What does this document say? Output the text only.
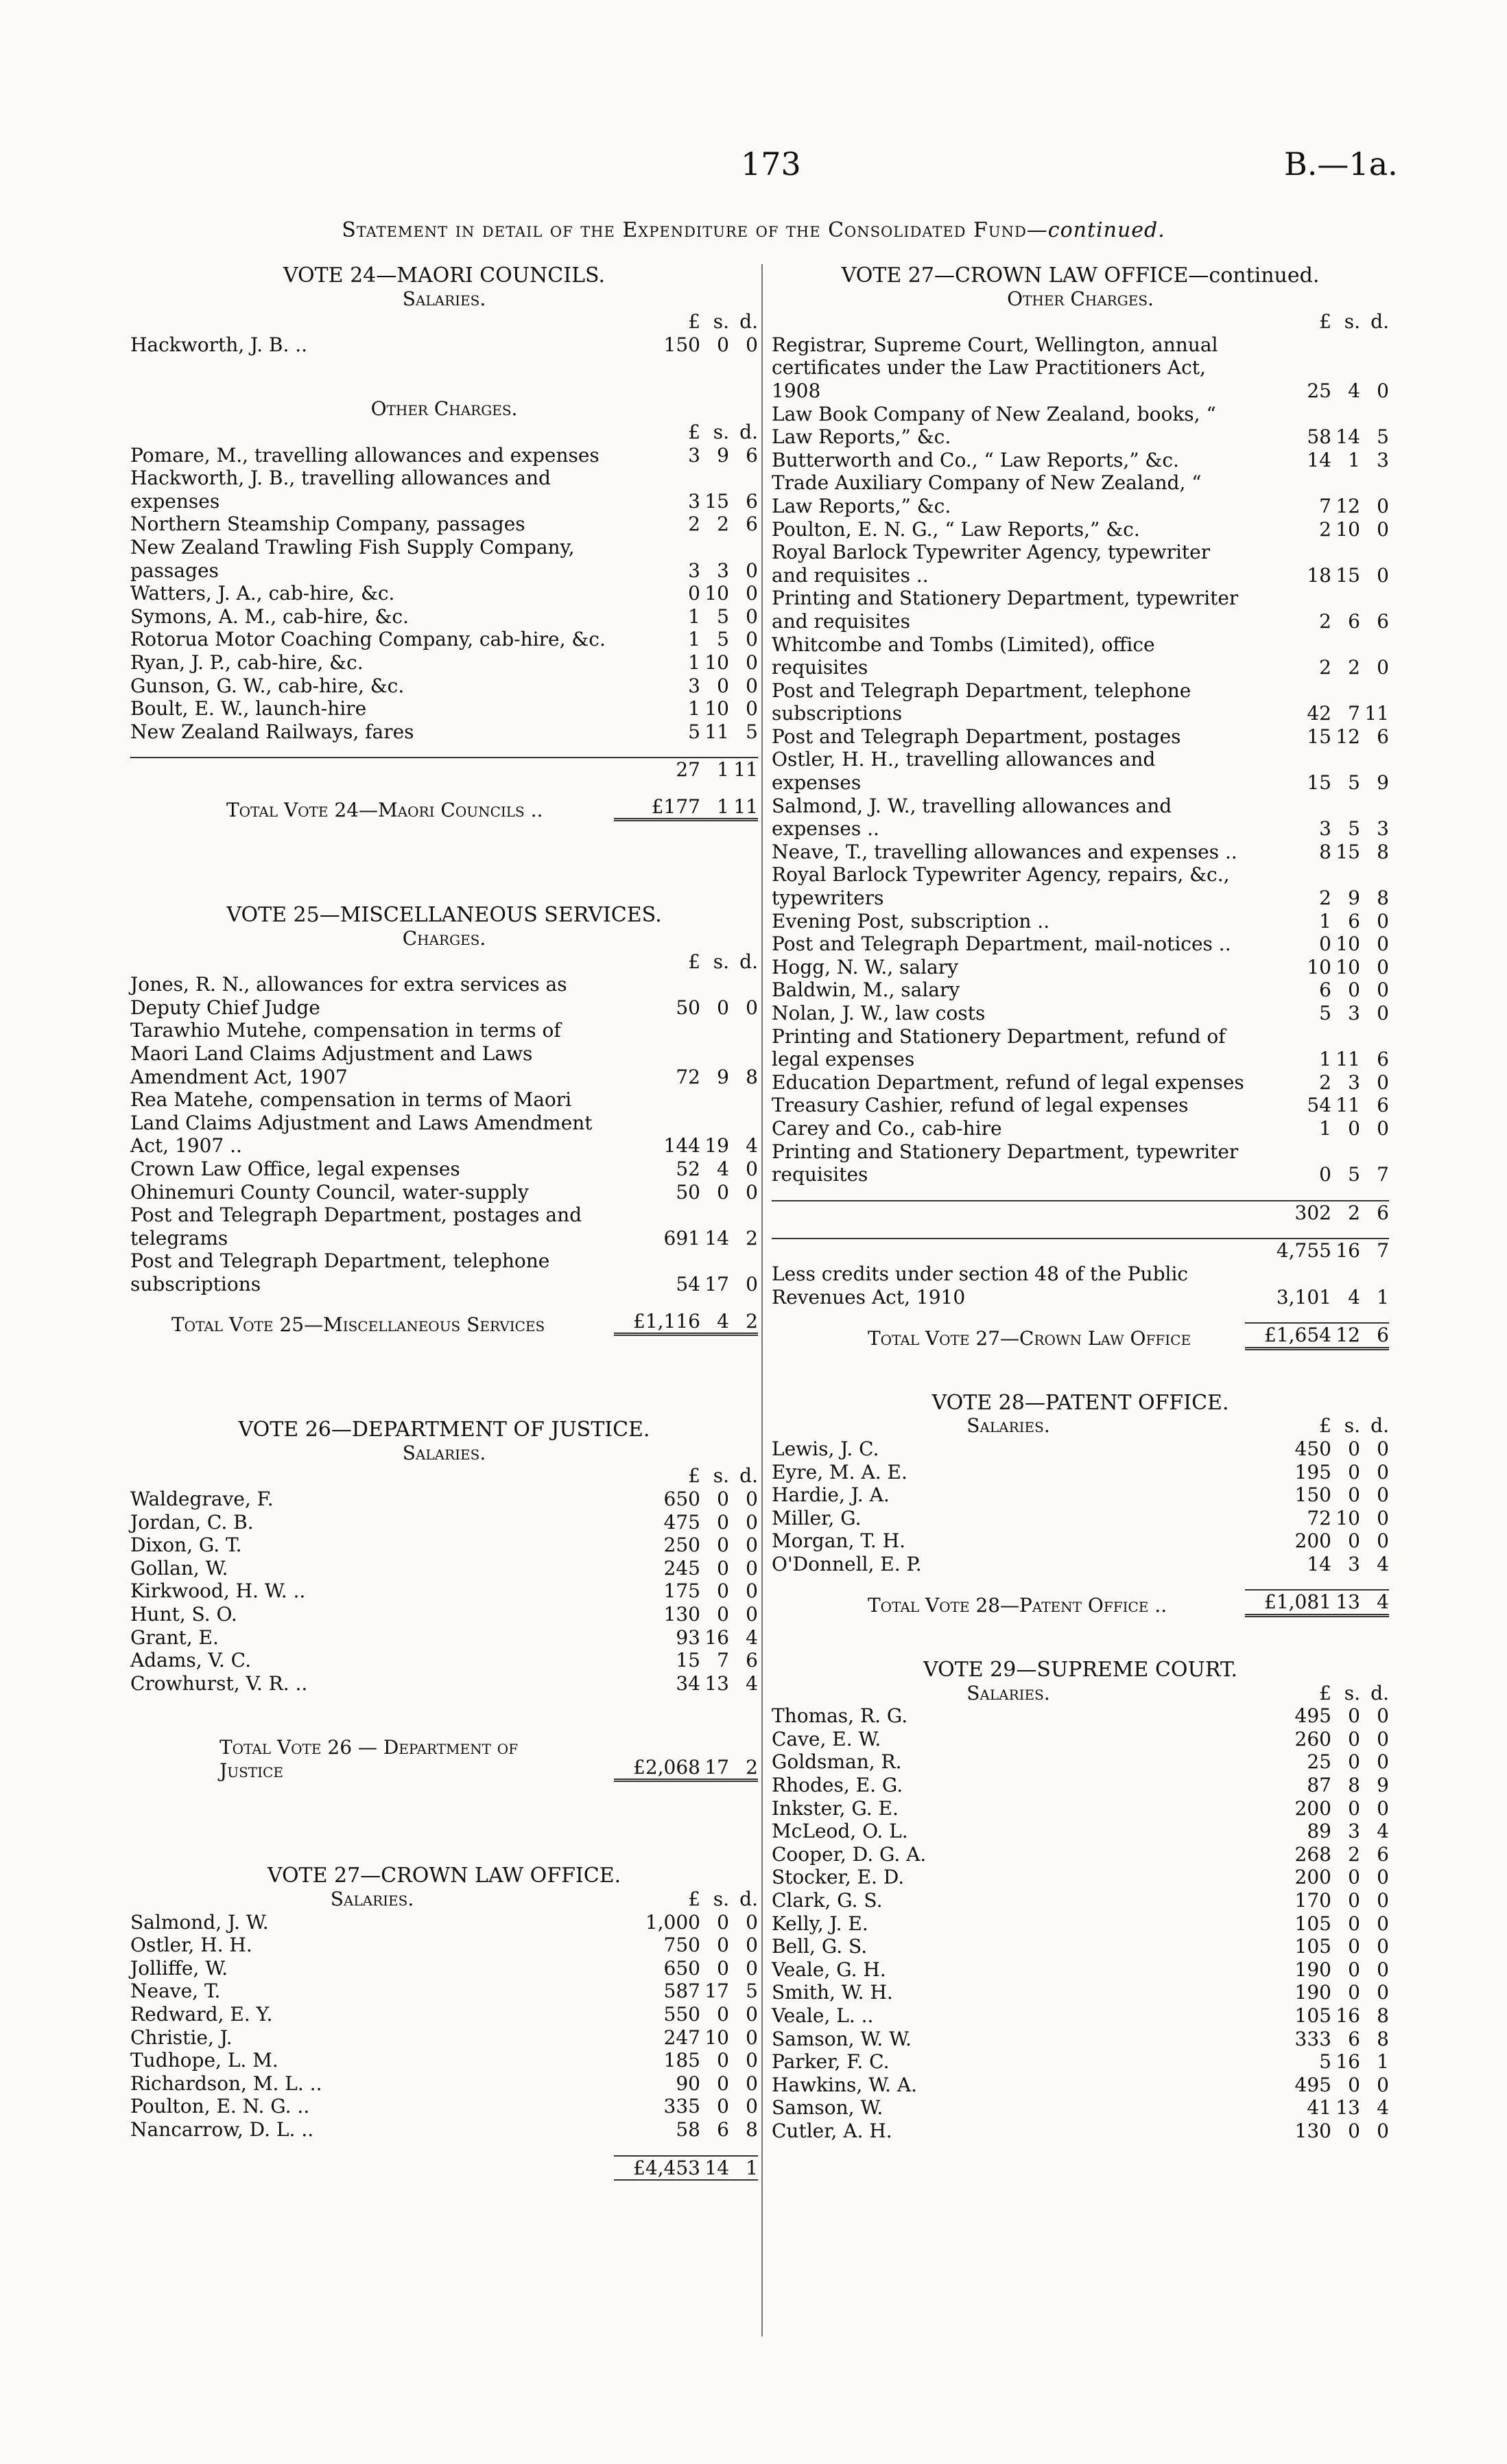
173	B.—1a.
Statement in detail of the Expenditure of the Consolidated Fund—continued.
VOTE 24—MAORI COUNCILS.
Salaries.
£ s. d.
Hackworth, J. B. ..	150 0 0
Other Charges.
£ s. d.
Pomare, M., travelling allowances and expenses	3 9 6
Hackworth, J. B., travelling allowances and expenses	3 15 6
Northern Steamship Company, passages	2 2 6
New Zealand Trawling Fish Supply Company, passages	3 3 0
Watters, J. A., cab-hire, &c.	0 10 0
Symons, A. M., cab-hire, &c.	1 5 0
Rotorua Motor Coaching Company, cab-hire, &c.	1 5 0
Ryan, J. P., cab-hire, &c.	1 10 0
Gunson, G. W., cab-hire, &c.	3 0 0
Boult, E. W., launch-hire	1 10 0
New Zealand Railways, fares	5 11 5
27 1 11
Total Vote 24—Maori Councils ..	£177 1 11
VOTE 25—MISCELLANEOUS SERVICES.
Charges.
£ s. d.
Jones, R. N., allowances for extra services as Deputy Chief Judge	50 0 0
Tarawhio Mutehe, compensation in terms of Maori Land Claims Adjustment and Laws Amendment Act, 1907	72 9 8
Rea Matehe, compensation in terms of Maori Land Claims Adjustment and Laws Amendment Act, 1907 ..	144 19 4
Crown Law Office, legal expenses	52 4 0
Ohinemuri County Council, water-supply	50 0 0
Post and Telegraph Department, postages and telegrams	691 14 2
Post and Telegraph Department, telephone subscriptions	54 17 0
Total Vote 25—Miscellaneous Services	£1,116 4 2
VOTE 26—DEPARTMENT OF JUSTICE.
Salaries.
£ s. d.
Waldegrave, F.	650 0 0
Jordan, C. B.	475 0 0
Dixon, G. T.	250 0 0
Gollan, W.	245 0 0
Kirkwood, H. W. ..	175 0 0
Hunt, S. O.	130 0 0
Grant, E.	93 16 4
Adams, V. C.	15 7 6
Crowhurst, V. R. ..	34 13 4
Total Vote 26 — Department of Justice	£2,068 17 2
VOTE 27—CROWN LAW OFFICE.
Salaries.	£ s. d.
Salmond, J. W.	1,000 0 0
Ostler, H. H.	750 0 0
Jolliffe, W.	650 0 0
Neave, T.	587 17 5
Redward, E. Y.	550 0 0
Christie, J.	247 10 0
Tudhope, L. M.	185 0 0
Richardson, M. L. ..	90 0 0
Poulton, E. N. G. ..	335 0 0
Nancarrow, D. L. ..	58 6 8
£4,453 14 1
VOTE 27—CROWN LAW OFFICE—continued.
Other Charges.
£ s. d.
Registrar, Supreme Court, Wellington, annual certificates under the Law Practitioners Act, 1908	25 4 0
Law Book Company of New Zealand, books, “ Law Reports,” &c.	58 14 5
Butterworth and Co., “ Law Reports,” &c.	14 1 3
Trade Auxiliary Company of New Zealand, “ Law Reports,” &c.	7 12 0
Poulton, E. N. G., “ Law Reports,” &c.	2 10 0
Royal Barlock Typewriter Agency, typewriter and requisites ..	18 15 0
Printing and Stationery Department, typewriter and requisites	2 6 6
Whitcombe and Tombs (Limited), office requisites	2 2 0
Post and Telegraph Department, telephone subscriptions	42 7 11
Post and Telegraph Department, postages	15 12 6
Ostler, H. H., travelling allowances and expenses	15 5 9
Salmond, J. W., travelling allowances and expenses ..	3 5 3
Neave, T., travelling allowances and expenses ..	8 15 8
Royal Barlock Typewriter Agency, repairs, &c., typewriters	2 9 8
Evening Post, subscription ..	1 6 0
Post and Telegraph Department, mail-notices ..	0 10 0
Hogg, N. W., salary	10 10 0
Baldwin, M., salary	6 0 0
Nolan, J. W., law costs	5 3 0
Printing and Stationery Department, refund of legal expenses	1 11 6
Education Department, refund of legal expenses	2 3 0
Treasury Cashier, refund of legal expenses	54 11 6
Carey and Co., cab-hire	1 0 0
Printing and Stationery Department, typewriter requisites	0 5 7
302 2 6
4,755 16 7
Less credits under section 48 of the Public Revenues Act, 1910	3,101 4 1
Total Vote 27—Crown Law Office	£1,654 12 6
VOTE 28—PATENT OFFICE.
Salaries.	£ s. d.
Lewis, J. C.	450 0 0
Eyre, M. A. E.	195 0 0
Hardie, J. A.	150 0 0
Miller, G.	72 10 0
Morgan, T. H.	200 0 0
O'Donnell, E. P.	14 3 4
Total Vote 28—Patent Office ..	£1,081 13 4
VOTE 29—SUPREME COURT.
Salaries.	£ s. d.
Thomas, R. G.	495 0 0
Cave, E. W.	260 0 0
Goldsman, R.	25 0 0
Rhodes, E. G.	87 8 9
Inkster, G. E.	200 0 0
McLeod, O. L.	89 3 4
Cooper, D. G. A.	268 2 6
Stocker, E. D.	200 0 0
Clark, G. S.	170 0 0
Kelly, J. E.	105 0 0
Bell, G. S.	105 0 0
Veale, G. H.	190 0 0
Smith, W. H.	190 0 0
Veale, L. ..	105 16 8
Samson, W. W.	333 6 8
Parker, F. C.	5 16 1
Hawkins, W. A.	495 0 0
Samson, W.	41 13 4
Cutler, A. H.	130 0 0
